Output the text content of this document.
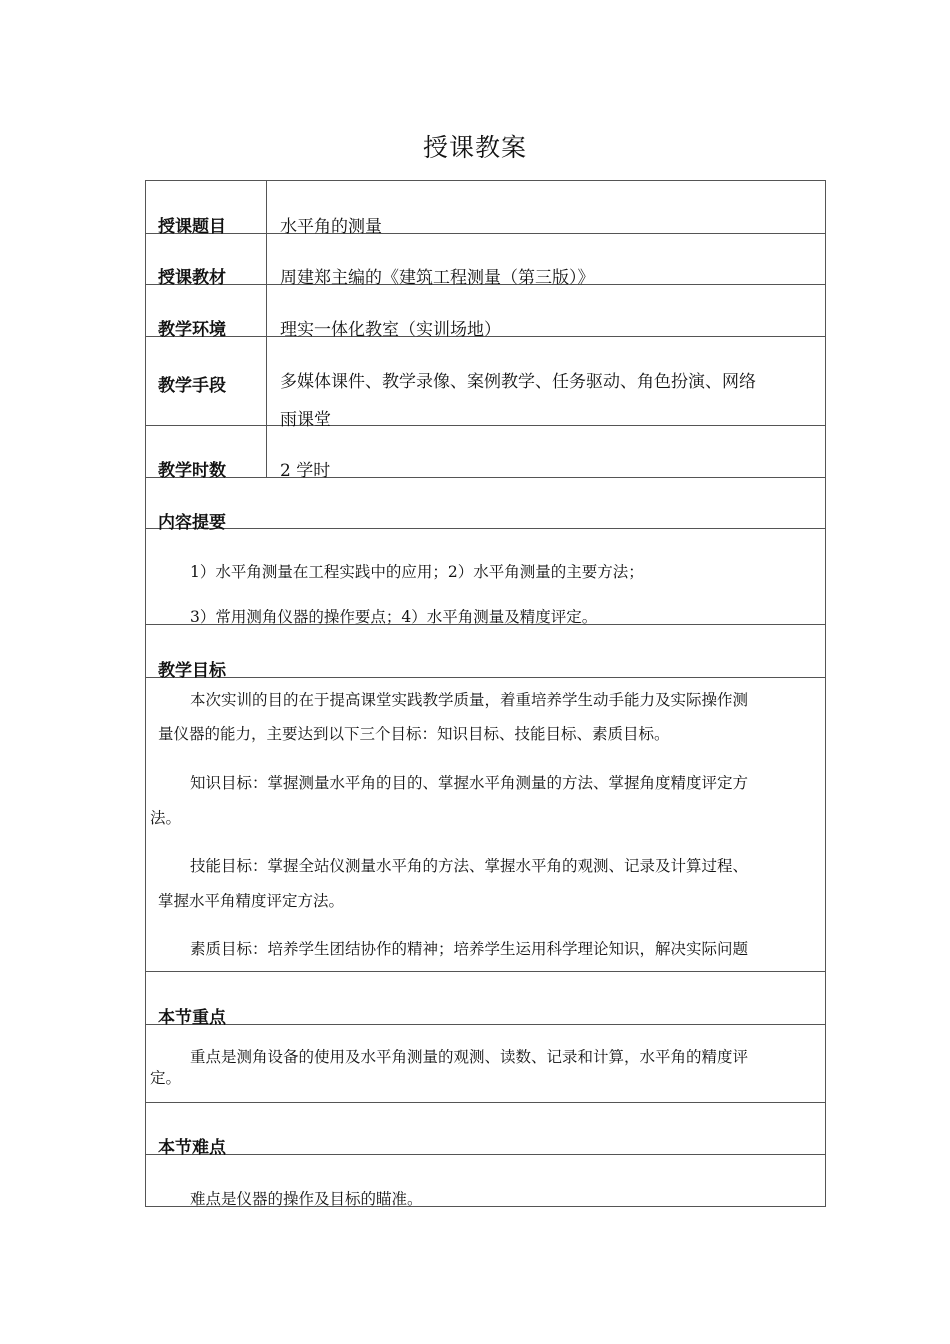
授课教案
授课题目	水平角的测量
授课教材	周建郑主编的《建筑工程测量（第三版）》
教学环境	理实一体化教室（实训场地）
教学手段	多媒体课件、教学录像、案例教学、任务驱动、角色扮演、网络
雨课堂
教学时数	2 学时
内容提要
1）水平角测量在工程实践中的应用；2）水平角测量的主要方法；
3）常用测角仪器的操作要点；4）水平角测量及精度评定。
教学目标
本次实训的目的在于提高课堂实践教学质量，着重培养学生动手能力及实际操作测
量仪器的能力，主要达到以下三个目标：知识目标、技能目标、素质目标。
知识目标：掌握测量水平角的目的、掌握水平角测量的方法、掌握角度精度评定方
法。
技能目标：掌握全站仪测量水平角的方法、掌握水平角的观测、记录及计算过程、
掌握水平角精度评定方法。
素质目标：培养学生团结协作的精神；培养学生运用科学理论知识，解决实际问题
本节重点
重点是测角设备的使用及水平角测量的观测、读数、记录和计算，水平角的精度评
定。
本节难点
难点是仪器的操作及目标的瞄准。
